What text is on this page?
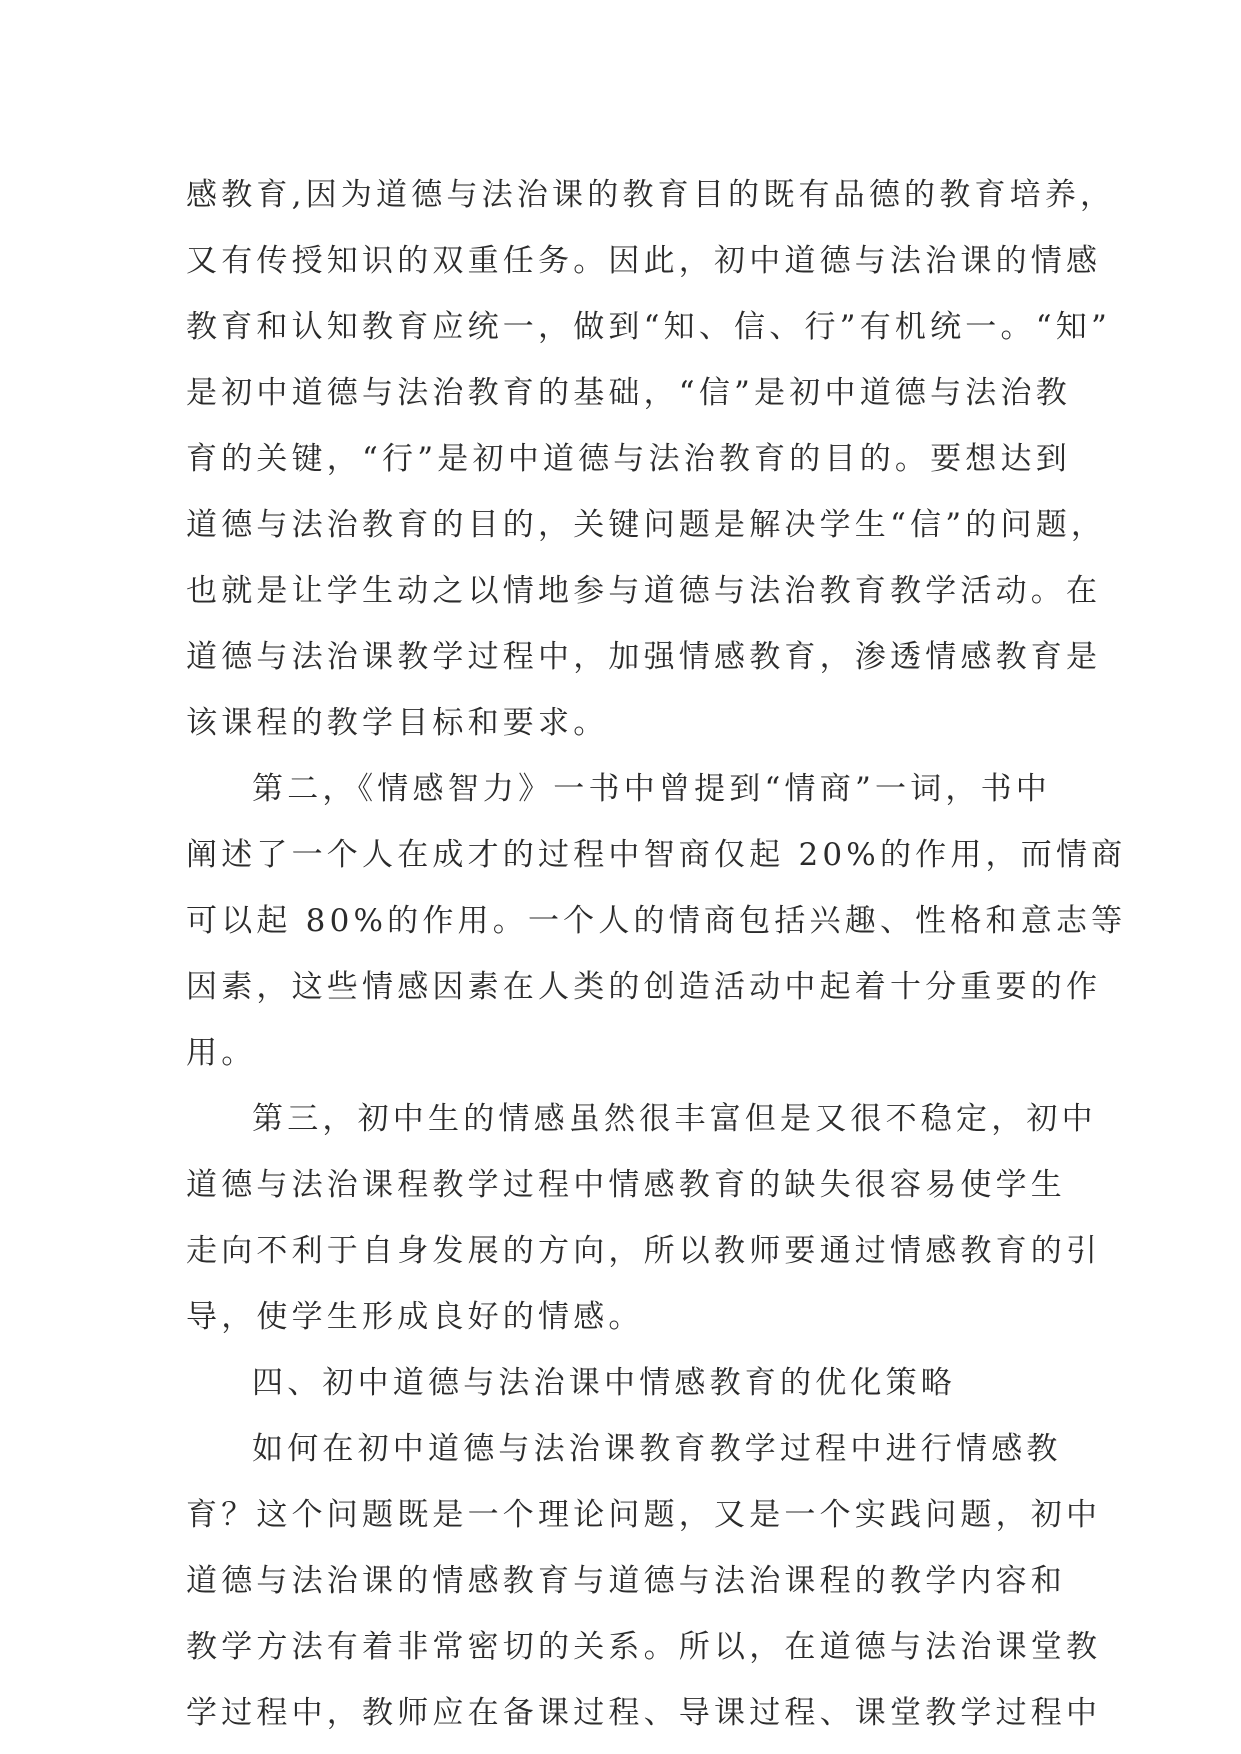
感教育,因为道德与法治课的教育目的既有品德的教育培养，
又有传授知识的双重任务。因此，初中道德与法治课的情感
教育和认知教育应统一，做到“知、信、行”有机统一。“知”
是初中道德与法治教育的基础，“信”是初中道德与法治教
育的关键，“行”是初中道德与法治教育的目的。要想达到
道德与法治教育的目的，关键问题是解决学生“信”的问题，
也就是让学生动之以情地参与道德与法治教育教学活动。在
道德与法治课教学过程中，加强情感教育，渗透情感教育是
该课程的教学目标和要求。
第二，《情感智力》一书中曾提到“情商”一词，书中
阐述了一个人在成才的过程中智商仅起 20%的作用，而情商
可以起 80%的作用。一个人的情商包括兴趣、性格和意志等
因素，这些情感因素在人类的创造活动中起着十分重要的作
用。
第三，初中生的情感虽然很丰富但是又很不稳定，初中
道德与法治课程教学过程中情感教育的缺失很容易使学生
走向不利于自身发展的方向，所以教师要通过情感教育的引
导，使学生形成良好的情感。
四、初中道德与法治课中情感教育的优化策略
如何在初中道德与法治课教育教学过程中进行情感教
育？这个问题既是一个理论问题，又是一个实践问题，初中
道德与法治课的情感教育与道德与法治课程的教学内容和
教学方法有着非常密切的关系。所以，在道德与法治课堂教
学过程中，教师应在备课过程、导课过程、课堂教学过程中
